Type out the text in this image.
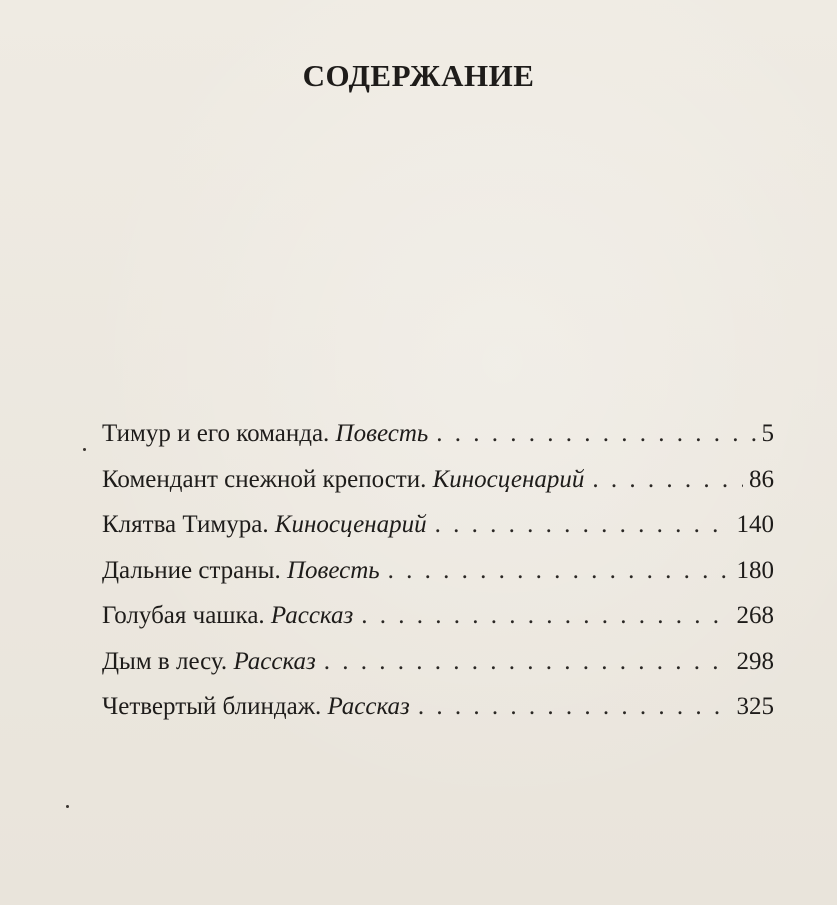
СОДЕРЖАНИЕ
Тимур и его команда. Повесть . . .	5
Комендант снежной крепости. Киносценарий . . .	86
Клятва Тимура. Киносценарий . . .	140
Дальние страны. Повесть . . .	180
Голубая чашка. Рассказ . . .	268
Дым в лесу. Рассказ . . .	298
Четвертый блиндаж. Рассказ . . .	325
